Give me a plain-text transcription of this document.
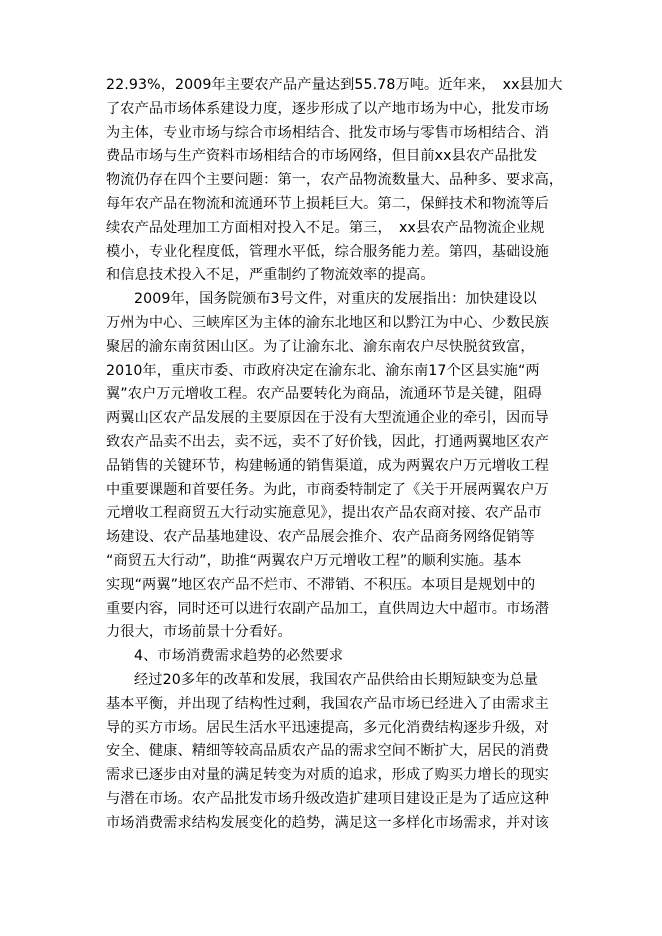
22.93%，2009年主要农产品产量达到55.78万吨。近年来，　xx县加大
了农产品市场体系建设力度，逐步形成了以产地市场为中心，批发市场
为主体，专业市场与综合市场相结合、批发市场与零售市场相结合、消
费品市场与生产资料市场相结合的市场网络，但目前xx县农产品批发
物流仍存在四个主要问题：第一，农产品物流数量大、品种多、要求高，
每年农产品在物流和流通环节上损耗巨大。第二，保鲜技术和物流等后
续农产品处理加工方面相对投入不足。第三，　xx县农产品物流企业规
模小，专业化程度低，管理水平低，综合服务能力差。第四，基础设施
和信息技术投入不足，严重制约了物流效率的提高。
2009年，国务院颁布3号文件，对重庆的发展指出：加快建设以
万州为中心、三峡库区为主体的渝东北地区和以黔江为中心、少数民族
聚居的渝东南贫困山区。为了让渝东北、渝东南农户尽快脱贫致富，
2010年，重庆市委、市政府决定在渝东北、渝东南17个区县实施“两
翼”农户万元增收工程。农产品要转化为商品，流通环节是关键，阻碍
两翼山区农产品发展的主要原因在于没有大型流通企业的牵引，因而导
致农产品卖不出去，卖不远，卖不了好价钱，因此，打通两翼地区农产
品销售的关键环节，构建畅通的销售渠道，成为两翼农户万元增收工程
中重要课题和首要任务。为此，市商委特制定了《关于开展两翼农户万
元增收工程商贸五大行动实施意见》，提出农产品农商对接、农产品市
场建设、农产品基地建设、农产品展会推介、农产品商务网络促销等
“商贸五大行动”，助推“两翼农户万元增收工程”的顺利实施。基本
实现“两翼”地区农产品不烂市、不滞销、不积压。本项目是规划中的
重要内容，同时还可以进行农副产品加工，直供周边大中超市。市场潜
力很大，市场前景十分看好。

4、市场消费需求趋势的必然要求

经过20多年的改革和发展，我国农产品供给由长期短缺变为总量
基本平衡，并出现了结构性过剩，我国农产品市场已经进入了由需求主
导的买方市场。居民生活水平迅速提高，多元化消费结构逐步升级，对
安全、健康、精细等较高品质农产品的需求空间不断扩大，居民的消费
需求已逐步由对量的满足转变为对质的追求，形成了购买力增长的现实
与潜在市场。农产品批发市场升级改造扩建项目建设正是为了适应这种
市场消费需求结构发展变化的趋势，满足这一多样化市场需求，并对该
